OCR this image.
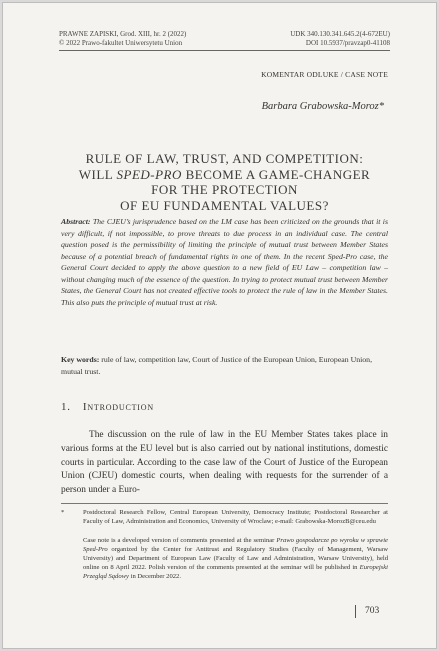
PRAWNE ZAPISKI, Grod. XIII, hr. 2 (2022)	UDK 340.130.341.645.2(4-672EU)
© 2022 Prawo-fakultet Uniwersytetu Union	DOI 10.5937/pravzap0-41108
KOMENTAR ODLUKE / CASE NOTE
Barbara Grabowska-Moroz*
RULE OF LAW, TRUST, AND COMPETITION:
WILL SPED-PRO BECOME A GAME-CHANGER
FOR THE PROTECTION
OF EU FUNDAMENTAL VALUES?
Abstract: The CJEU’s jurisprudence based on the LM case has been criticized on the grounds that it is very difficult, if not impossible, to prove threats to due process in an individual case. The central question posed is the permissibility of limiting the principle of mutual trust between Member States because of a potential breach of fundamental rights in one of them. In the recent Sped-Pro case, the General Court decided to apply the above question to a new field of EU Law – competition law – without changing much of the essence of the question. In trying to protect mutual trust between Member States, the General Court has not created effective tools to protect the rule of law in the Member States. This also puts the principle of mutual trust at risk.
Key words: rule of law, competition law, Court of Justice of the European Union, European Union, mutual trust.
1. Introduction
The discussion on the rule of law in the EU Member States takes place in various forms at the EU level but is also carried out by national institutions, domestic courts in particular. According to the case law of the Court of Justice of the European Union (CJEU) domestic courts, when dealing with requests for the surrender of a person under a Euro-
*	Postdoctoral Research Fellow, Central European University, Democracy Institute; Postdoctoral Researcher at Faculty of Law, Administration and Economics, University of Wroclaw; e-mail: Grabowska-MorozB@ceu.edu
Case note is a developed version of comments presented at the seminar Prawo gospodarcze po wyroku w sprawie Sped-Pro organized by the Center for Antitrust and Regulatory Studies (Faculty of Management, Warsaw University) and Department of European Law (Faculty of Law and Administration, Warsaw University), held online on 8 April 2022. Polish version of the comments presented at the seminar will be published in Europejski Przegląd Sądowy in December 2022.
703
